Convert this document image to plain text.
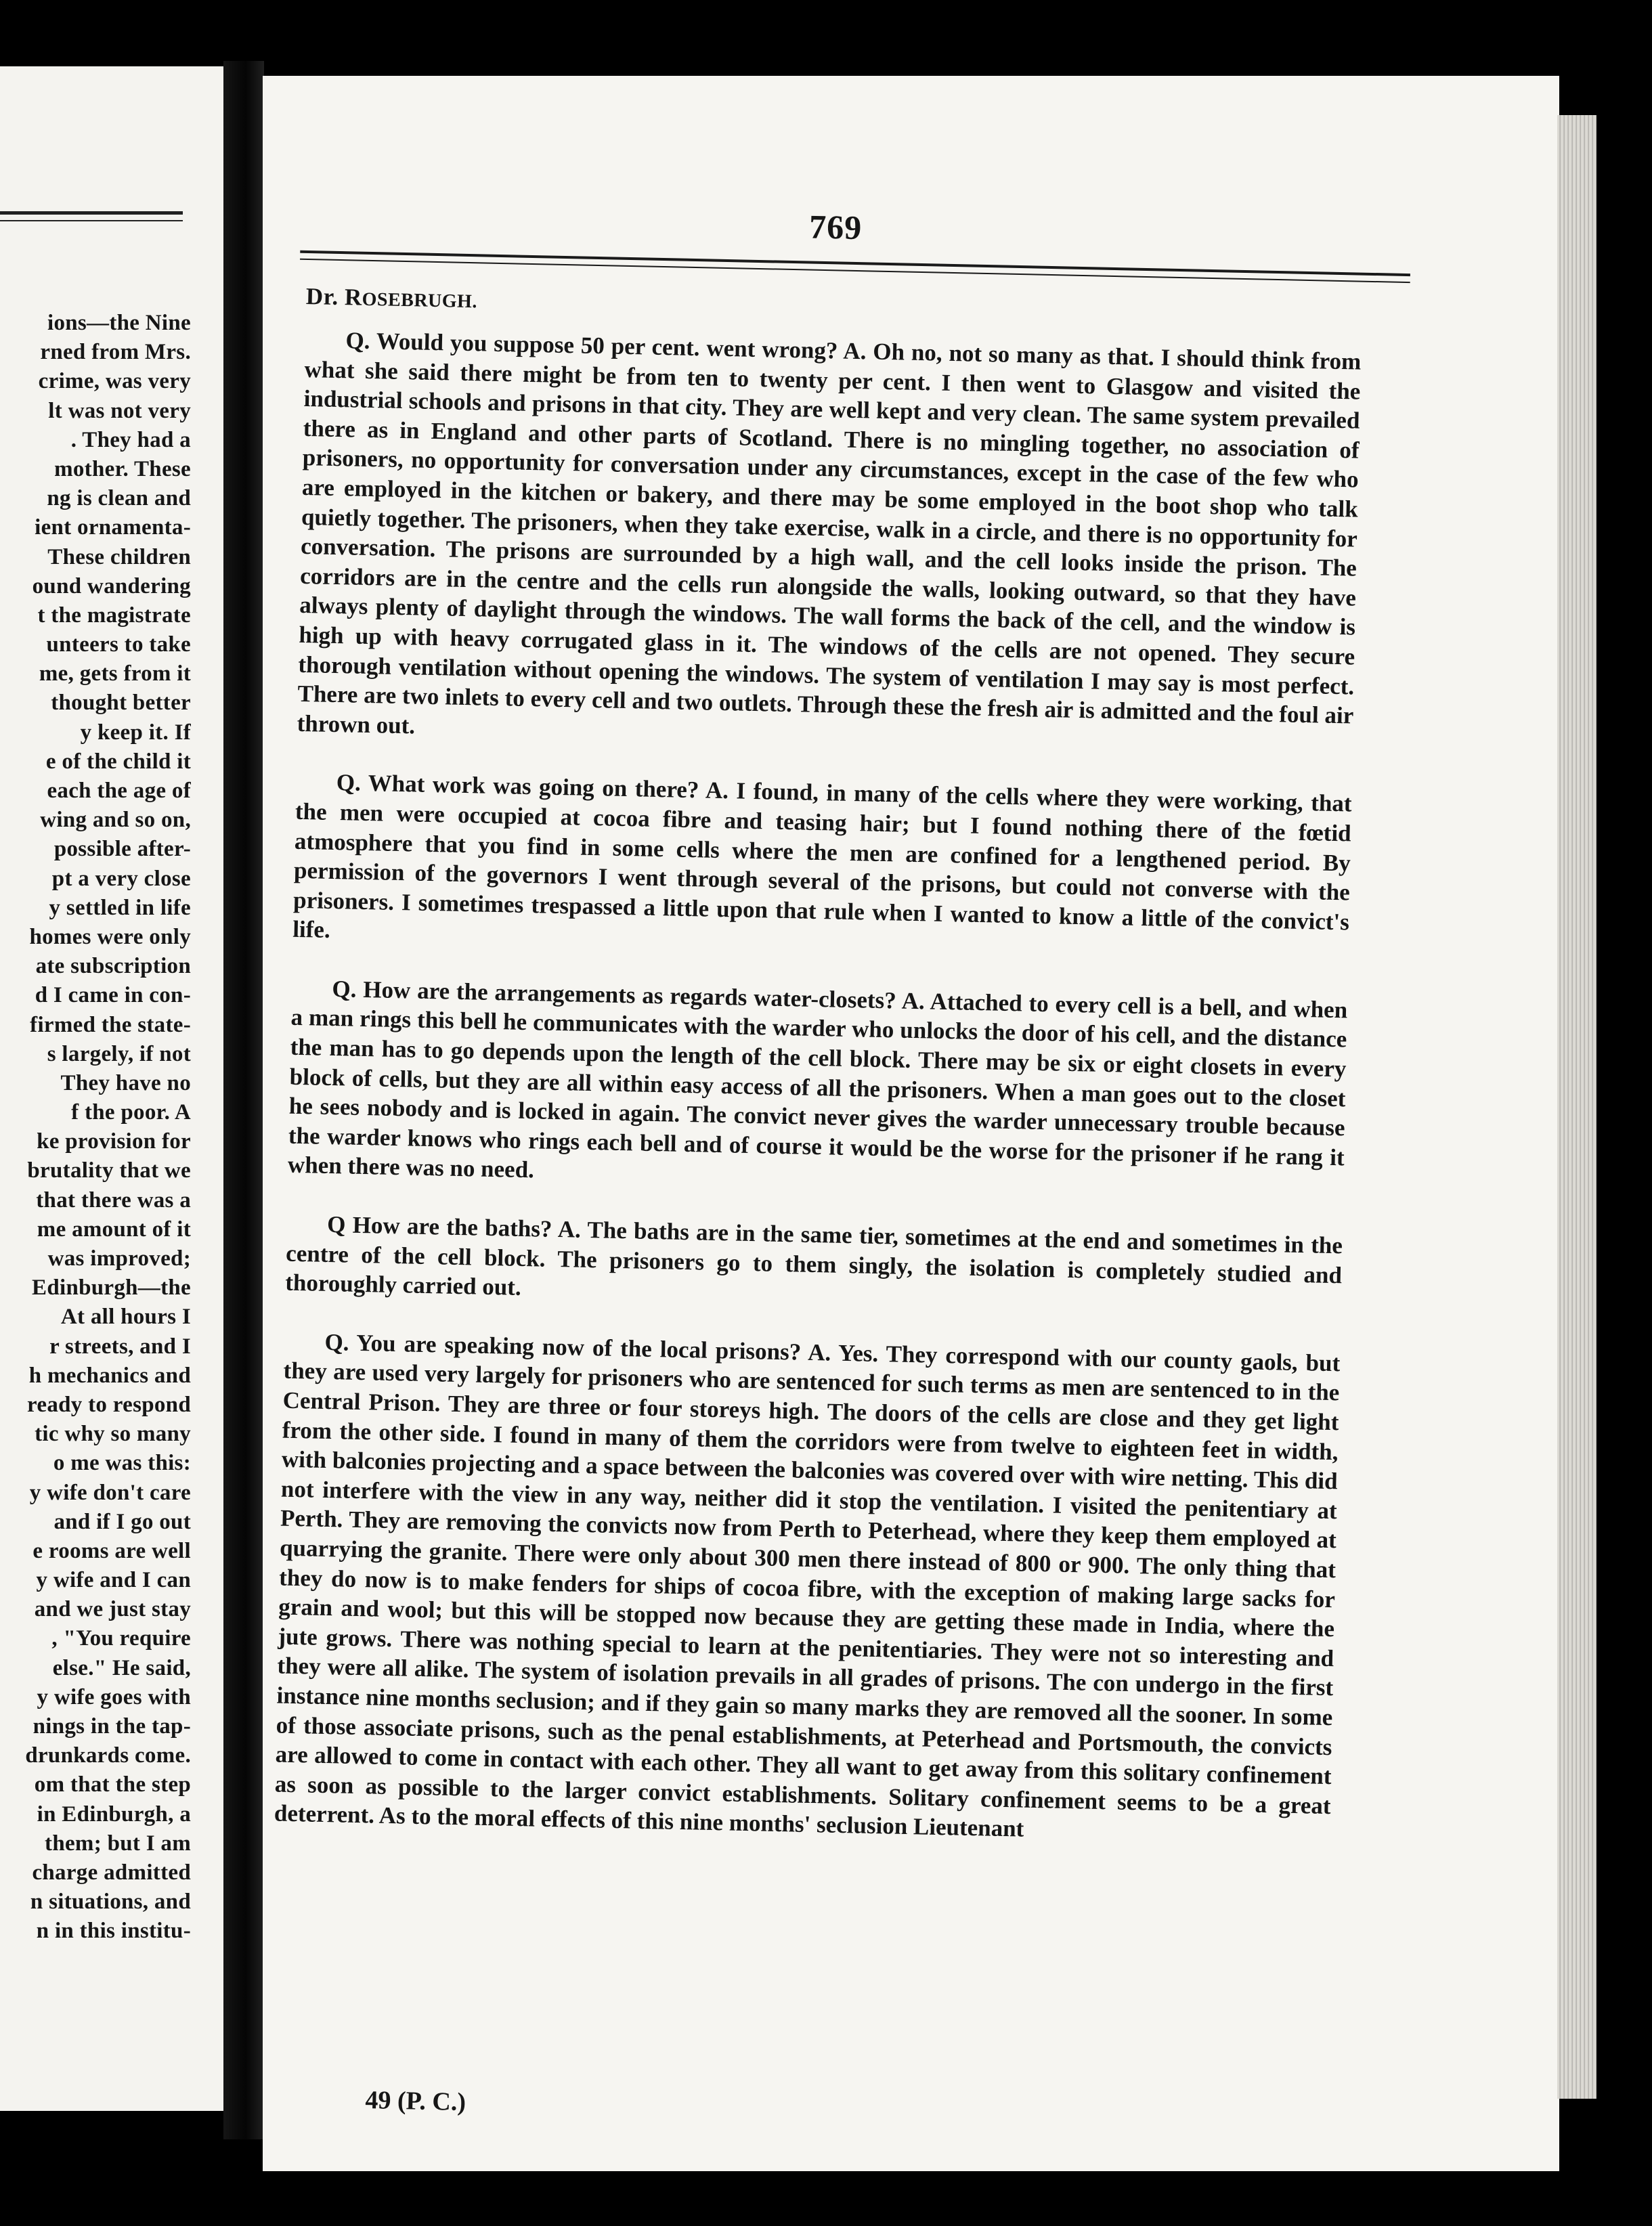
ions—the Nine
rned from Mrs.
crime, was very
lt was not very
. They had a
mother. These
ng is clean and
ient ornamenta-
These children
ound wandering
t the magistrate
unteers to take
me, gets from it
thought better
y keep it. If
e of the child it
each the age of
wing and so on,
possible after-
pt a very close
y settled in life
homes were only
ate subscription
d I came in con-
firmed the state-
s largely, if not
They have no
f the poor. A
ke provision for
brutality that we
that there was a
me amount of it
was improved;
Edinburgh—the
At all hours I
r streets, and I
h mechanics and
ready to respond
tic why so many
o me was this:
y wife don't care
and if I go out
e rooms are well
y wife and I can
and we just stay
, "You require
else." He said,
y wife goes with
nings in the tap-
drunkards come.
om that the step
in Edinburgh, a
them; but I am
charge admitted
n situations, and
n in this institu-
769
Dr. ROSEBRUGH.

Q. Would you suppose 50 per cent. went wrong? A. Oh no, not so many as that. I should think from what she said there might be from ten to twenty per cent. I then went to Glasgow and visited the industrial schools and prisons in that city. They are well kept and very clean. The same system prevailed there as in England and other parts of Scotland. There is no mingling together, no association of prisoners, no opportunity for conversation under any circumstances, except in the case of the few who are employed in the kitchen or bakery, and there may be some employed in the boot shop who talk quietly together. The prisoners, when they take exercise, walk in a circle, and there is no opportunity for conversation. The prisons are surrounded by a high wall, and the cell looks inside the prison. The corridors are in the centre and the cells run alongside the walls, looking outward, so that they have always plenty of daylight through the windows. The wall forms the back of the cell, and the window is high up with heavy corrugated glass in it. The windows of the cells are not opened. They secure thorough ventilation without opening the windows. The system of ventilation I may say is most perfect. There are two inlets to every cell and two outlets. Through these the fresh air is admitted and the foul air thrown out.

Q. What work was going on there? A. I found, in many of the cells where they were working, that the men were occupied at cocoa fibre and teasing hair; but I found nothing there of the fœtid atmosphere that you find in some cells where the men are confined for a lengthened period. By permission of the governors I went through several of the prisons, but could not converse with the prisoners. I sometimes trespassed a little upon that rule when I wanted to know a little of the convict's life.

Q. How are the arrangements as regards water-closets? A. Attached to every cell is a bell, and when a man rings this bell he communicates with the warder who unlocks the door of his cell, and the distance the man has to go depends upon the length of the cell block. There may be six or eight closets in every block of cells, but they are all within easy access of all the prisoners. When a man goes out to the closet he sees nobody and is locked in again. The convict never gives the warder unnecessary trouble because the warder knows who rings each bell and of course it would be the worse for the prisoner if he rang it when there was no need.

Q How are the baths? A. The baths are in the same tier, sometimes at the end and sometimes in the centre of the cell block. The prisoners go to them singly, the isolation is completely studied and thoroughly carried out.

Q. You are speaking now of the local prisons? A. Yes. They correspond with our county gaols, but they are used very largely for prisoners who are sentenced for such terms as men are sentenced to in the Central Prison. They are three or four storeys high. The doors of the cells are close and they get light from the other side. I found in many of them the corridors were from twelve to eighteen feet in width, with balconies projecting and a space between the balconies was covered over with wire netting. This did not interfere with the view in any way, neither did it stop the ventilation. I visited the penitentiary at Perth. They are removing the convicts now from Perth to Peterhead, where they keep them employed at quarrying the granite. There were only about 300 men there instead of 800 or 900. The only thing that they do now is to make fenders for ships of cocoa fibre, with the exception of making large sacks for grain and wool; but this will be stopped now because they are getting these made in India, where the jute grows. There was nothing special to learn at the penitentiaries. They were not so interesting and they were all alike. The system of isolation prevails in all grades of prisons. The con undergo in the first instance nine months seclusion; and if they gain so many marks they are removed all the sooner. In some of those associate prisons, such as the penal establishments, at Peterhead and Portsmouth, the convicts are allowed to come in contact with each other. They all want to get away from this solitary confinement as soon as possible to the larger convict establishments. Solitary confinement seems to be a great deterrent. As to the moral effects of this nine months' seclusion Lieutenant

49 (P. C.)
